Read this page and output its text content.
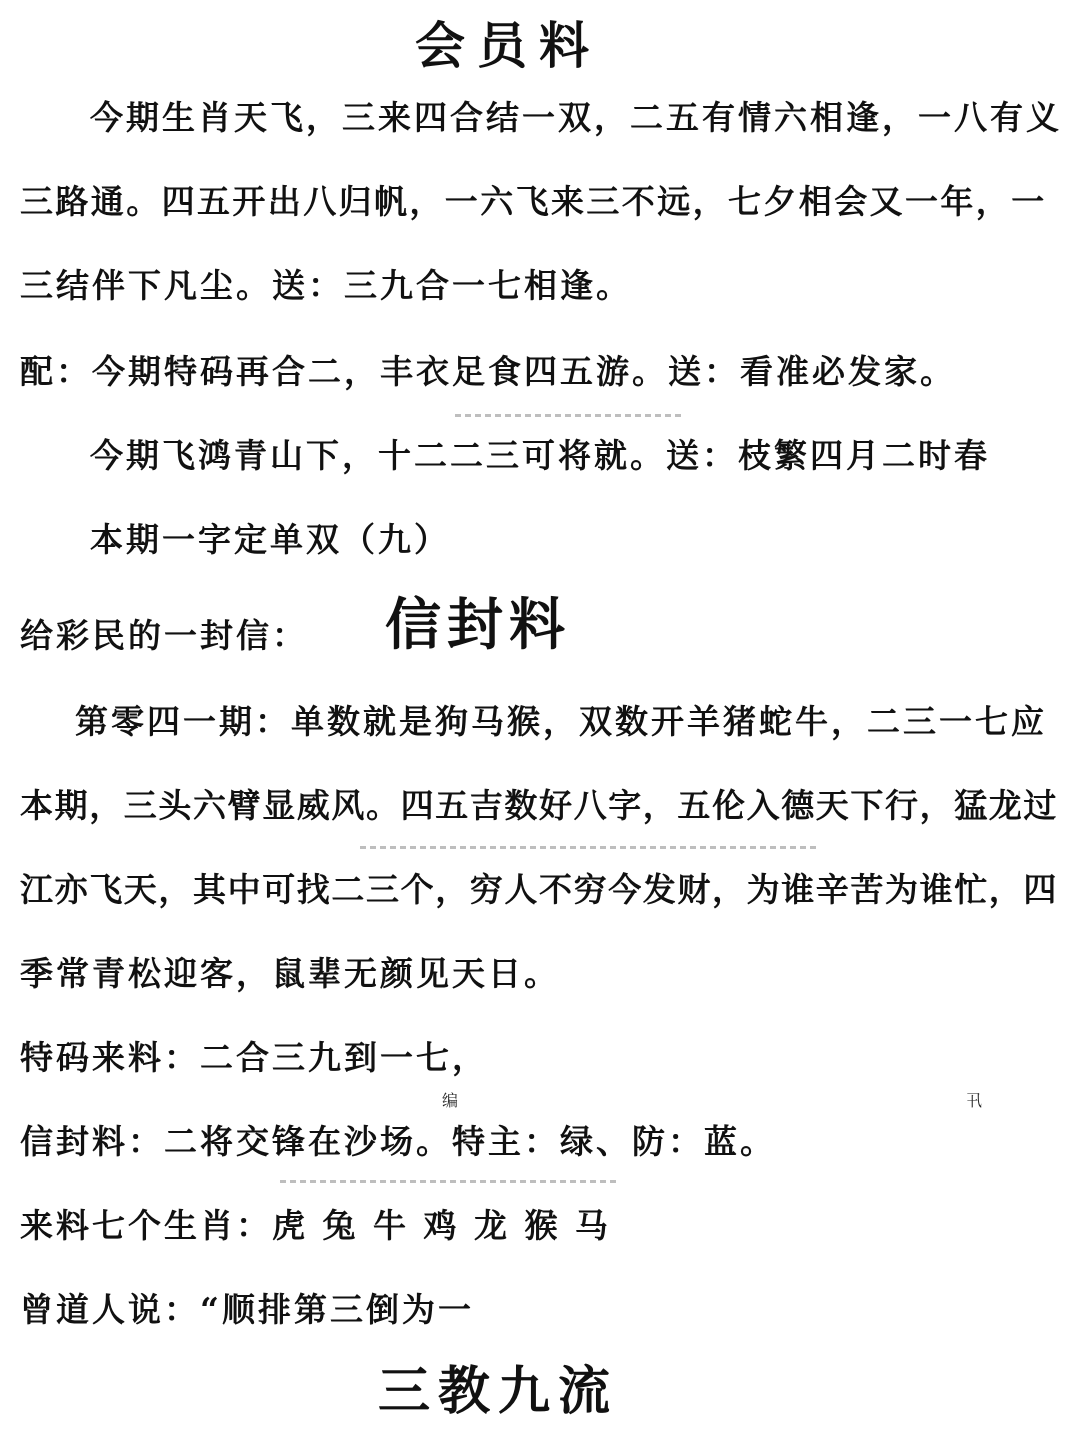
会员料
今期生肖天飞，三来四合结一双，二五有情六相逢，一八有义
三路通。四五开出八归帆，一六飞来三不远，七夕相会又一年，一
三结伴下凡尘。送：三九合一七相逢。
配：今期特码再合二，丰衣足食四五游。送：看准必发家。
今期飞鸿青山下，十二二三可将就。送：枝繁四月二时春
本期一字定单双（九）
给彩民的一封信： 信封料
第零四一期：单数就是狗马猴，双数开羊猪蛇牛，二三一七应
本期，三头六臂显威风。四五吉数好八字，五伦入德天下行，猛龙过
江亦飞天，其中可找二三个，穷人不穷今发财，为谁辛苦为谁忙，四
季常青松迎客，鼠辈无颜见天日。
特码来料：二合三九到一七，
编	卂
信封料：二将交锋在沙场。特主：绿、防：蓝。
来料七个生肖：虎 兔 牛 鸡 龙 猴 马
曾道人说：“顺排第三倒为一
三教九流
